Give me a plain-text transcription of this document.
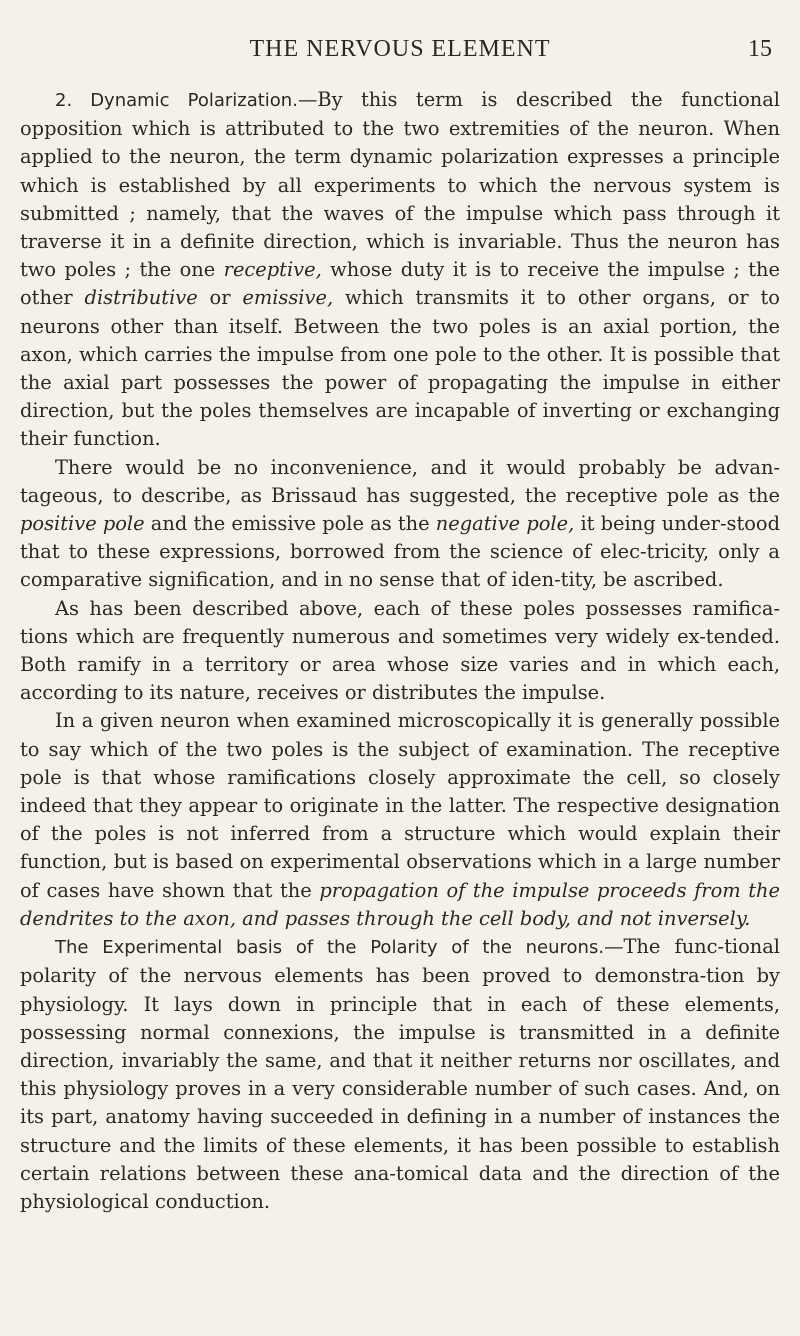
THE NERVOUS ELEMENT	15

2. Dynamic Polarization.—By this term is described the functional opposition which is attributed to the two extremities of the neuron. When applied to the neuron, the term dynamic polarization expresses a principle which is established by all experiments to which the nervous system is submitted ; namely, that the waves of the impulse which pass through it traverse it in a definite direction, which is invariable. Thus the neuron has two poles ; the one receptive, whose duty it is to receive the impulse ; the other distributive or emissive, which transmits it to other organs, or to neurons other than itself. Between the two poles is an axial portion, the axon, which carries the impulse from one pole to the other. It is possible that the axial part possesses the power of propagating the impulse in either direction, but the poles themselves are incapable of inverting or exchanging their function.

There would be no inconvenience, and it would probably be advan-tageous, to describe, as Brissaud has suggested, the receptive pole as the positive pole and the emissive pole as the negative pole, it being under-stood that to these expressions, borrowed from the science of elec-tricity, only a comparative signification, and in no sense that of iden-tity, be ascribed.

As has been described above, each of these poles possesses ramifica-tions which are frequently numerous and sometimes very widely ex-tended. Both ramify in a territory or area whose size varies and in which each, according to its nature, receives or distributes the impulse.

In a given neuron when examined microscopically it is generally possible to say which of the two poles is the subject of examination. The receptive pole is that whose ramifications closely approximate the cell, so closely indeed that they appear to originate in the latter. The respective designation of the poles is not inferred from a structure which would explain their function, but is based on experimental observations which in a large number of cases have shown that the propagation of the impulse proceeds from the dendrites to the axon, and passes through the cell body, and not inversely.

The Experimental basis of the Polarity of the neurons.—The func-tional polarity of the nervous elements has been proved to demonstra-tion by physiology. It lays down in principle that in each of these elements, possessing normal connexions, the impulse is transmitted in a definite direction, invariably the same, and that it neither returns nor oscillates, and this physiology proves in a very considerable number of such cases. And, on its part, anatomy having succeeded in defining in a number of instances the structure and the limits of these elements, it has been possible to establish certain relations between these ana-tomical data and the direction of the physiological conduction.
